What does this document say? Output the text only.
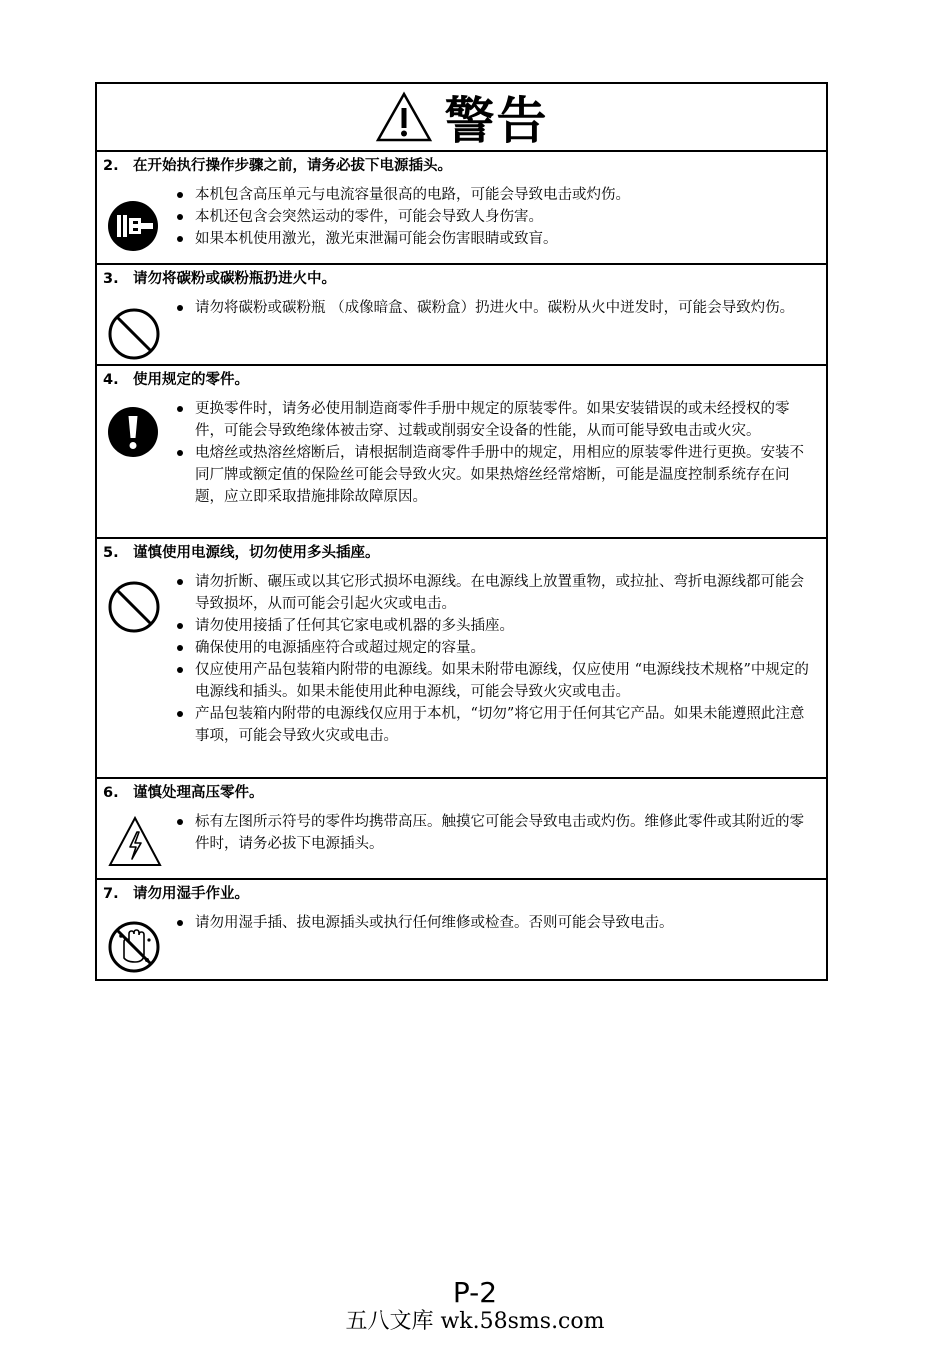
警告
2. 在开始执行操作步骤之前，请务必拔下电源插头。
本机包含高压单元与电流容量很高的电路，可能会导致电击或灼伤。
本机还包含会突然运动的零件，可能会导致人身伤害。
如果本机使用激光，激光束泄漏可能会伤害眼睛或致盲。
3. 请勿将碳粉或碳粉瓶扔进火中。
请勿将碳粉或碳粉瓶 （成像暗盒、碳粉盒）扔进火中。碳粉从火中迸发时，可能会导致灼伤。
4. 使用规定的零件。
更换零件时，请务必使用制造商零件手册中规定的原装零件。如果安装错误的或未经授权的零件，可能会导致绝缘体被击穿、过载或削弱安全设备的性能，从而可能导致电击或火灾。
电熔丝或热溶丝熔断后，请根据制造商零件手册中的规定，用相应的原装零件进行更换。安装不同厂牌或额定值的保险丝可能会导致火灾。如果热熔丝经常熔断，可能是温度控制系统存在问题，应立即采取措施排除故障原因。
5. 谨慎使用电源线，切勿使用多头插座。
请勿折断、碾压或以其它形式损坏电源线。在电源线上放置重物，或拉扯、弯折电源线都可能会导致损坏，从而可能会引起火灾或电击。
请勿使用接插了任何其它家电或机器的多头插座。
确保使用的电源插座符合或超过规定的容量。
仅应使用产品包装箱内附带的电源线。如果未附带电源线，仅应使用 “电源线技术规格”中规定的电源线和插头。如果未能使用此种电源线，可能会导致火灾或电击。
产品包装箱内附带的电源线仅应用于本机，“切勿”将它用于任何其它产品。如果未能遵照此注意事项，可能会导致火灾或电击。
6. 谨慎处理高压零件。
标有左图所示符号的零件均携带高压。触摸它可能会导致电击或灼伤。维修此零件或其附近的零件时，请务必拔下电源插头。
7. 请勿用湿手作业。
请勿用湿手插、拔电源插头或执行任何维修或检查。否则可能会导致电击。
P-2
五八文库 wk.58sms.com
